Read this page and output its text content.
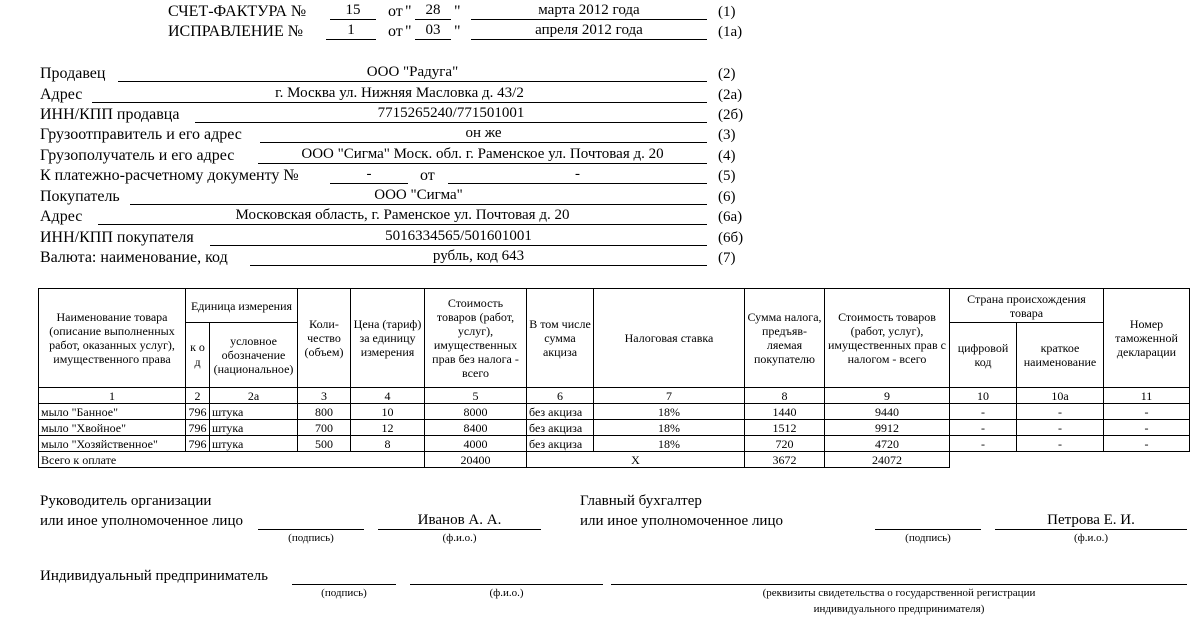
СЧЕТ-ФАКТУРА №	15	от " 28 "	марта 2012 года	(1)
ИСПРАВЛЕНИЕ №	1	от " 03 "	апреля 2012 года	(1а)
Продавец	ООО "Радуга"	(2)
Адрес	г. Москва ул. Нижняя Масловка д. 43/2	(2а)
ИНН/КПП продавца	7715265240/771501001	(2б)
Грузоотправитель и его адрес	он же	(3)
Грузополучатель и его адрес	ООО "Сигма" Моск. обл. г. Раменское ул. Почтовая д. 20	(4)
К платежно-расчетному документу №	-	от	-	(5)
Покупатель	ООО "Сигма"	(6)
Адрес	Московская область, г. Раменское ул. Почтовая д. 20	(6а)
ИНН/КПП покупателя	5016334565/501601001	(6б)
Валюта: наименование, код	рубль, код 643	(7)
Наименование товара (описание выполненных работ, оказанных услуг), имущественного права	Единица измерения		Коли-чество (объем)	Цена (тариф) за единицу измерения	Стоимость товаров (работ, услуг), имущественных прав без налога - всего	В том числе сумма акциза	Налоговая ставка	Сумма налога, предъяв-ляемая покупателю	Стоимость товаров (работ, услуг), имущественных прав с налогом - всего	Страна происхождения товара		Номер таможенной декларации
	к о д	условное обозначение (национальное)								цифровой код	краткое наименование	
1	2	2а	3	4	5	6	7	8	9	10	10а	11
мыло "Банное"	796	штука	800	10	8000	без акциза	18%	1440	9440	-	-	-
мыло "Хвойное"	796	штука	700	12	8400	без акциза	18%	1512	9912	-	-	-
мыло "Хозяйственное"	796	штука	500	8	4000	без акциза	18%	720	4720	-	-	-
Всего к оплате					20400	Х		3672	24072			
Руководитель организации
или иное уполномоченное лицо	Иванов А. А.
(подпись)	(ф.и.о.)
Главный бухгалтер
или иное уполномоченное лицо	Петрова Е. И.
(подпись)	(ф.и.о.)
Индивидуальный предприниматель
(подпись)	(ф.и.о.)	(реквизиты свидетельства о государственной регистрации
индивидуального предпринимателя)
